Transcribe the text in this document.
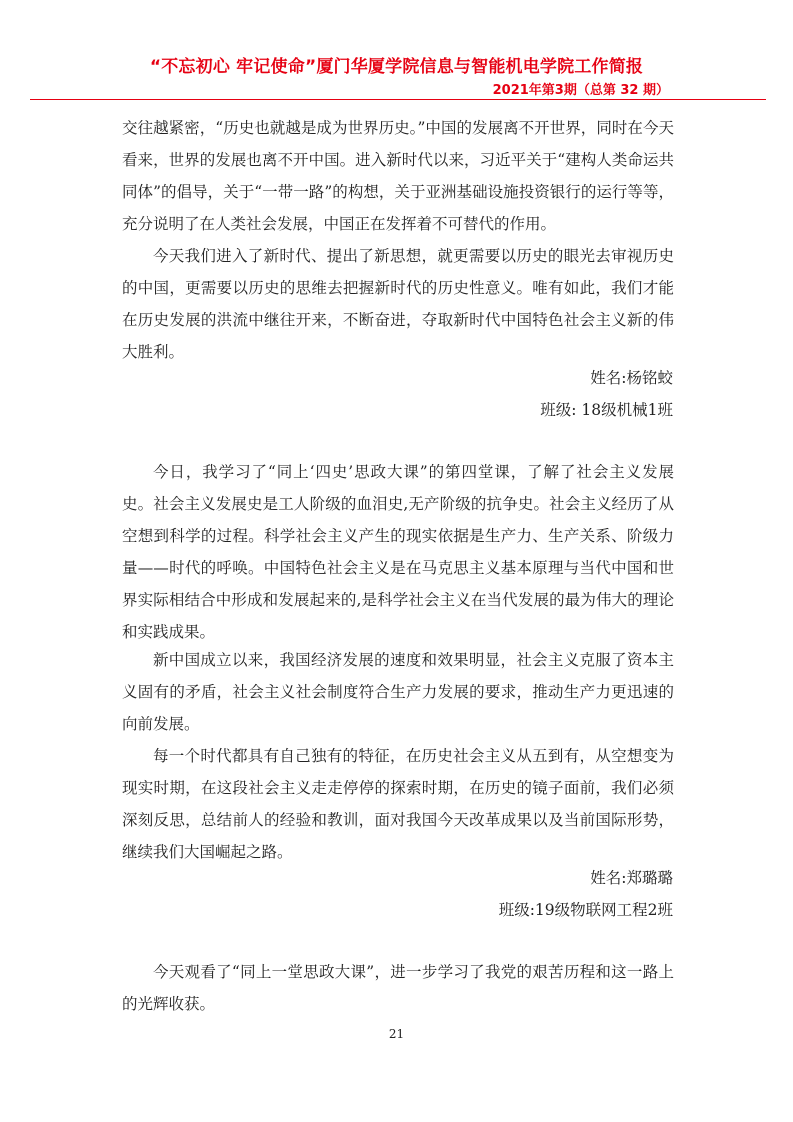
“不忘初心 牢记使命”厦门华厦学院信息与智能机电学院工作简报
2021年第3期（总第 32 期）

交往越紧密，“历史也就越是成为世界历史。”中国的发展离不开世界，同时在今天看来，世界的发展也离不开中国。进入新时代以来，习近平关于“建构人类命运共同体”的倡导，关于“一带一路”的构想，关于亚洲基础设施投资银行的运行等等，充分说明了在人类社会发展，中国正在发挥着不可替代的作用。

今天我们进入了新时代、提出了新思想，就更需要以历史的眼光去审视历史的中国，更需要以历史的思维去把握新时代的历史性意义。唯有如此，我们才能在历史发展的洪流中继往开来，不断奋进，夺取新时代中国特色社会主义新的伟大胜利。

姓名:杨铭蛟
班级: 18级机械1班

今日，我学习了“同上‘四史’思政大课”的第四堂课，了解了社会主义发展史。社会主义发展史是工人阶级的血泪史,无产阶级的抗争史。社会主义经历了从空想到科学的过程。科学社会主义产生的现实依据是生产力、生产关系、阶级力量——时代的呼唤。中国特色社会主义是在马克思主义基本原理与当代中国和世界实际相结合中形成和发展起来的,是科学社会主义在当代发展的最为伟大的理论和实践成果。

新中国成立以来，我国经济发展的速度和效果明显，社会主义克服了资本主义固有的矛盾，社会主义社会制度符合生产力发展的要求，推动生产力更迅速的向前发展。

每一个时代都具有自己独有的特征，在历史社会主义从五到有，从空想变为现实时期，在这段社会主义走走停停的探索时期，在历史的镜子面前，我们必须深刻反思，总结前人的经验和教训，面对我国今天改革成果以及当前国际形势，继续我们大国崛起之路。

姓名:郑璐璐
班级:19级物联网工程2班

今天观看了“同上一堂思政大课”，进一步学习了我党的艰苦历程和这一路上的光辉收获。

21
